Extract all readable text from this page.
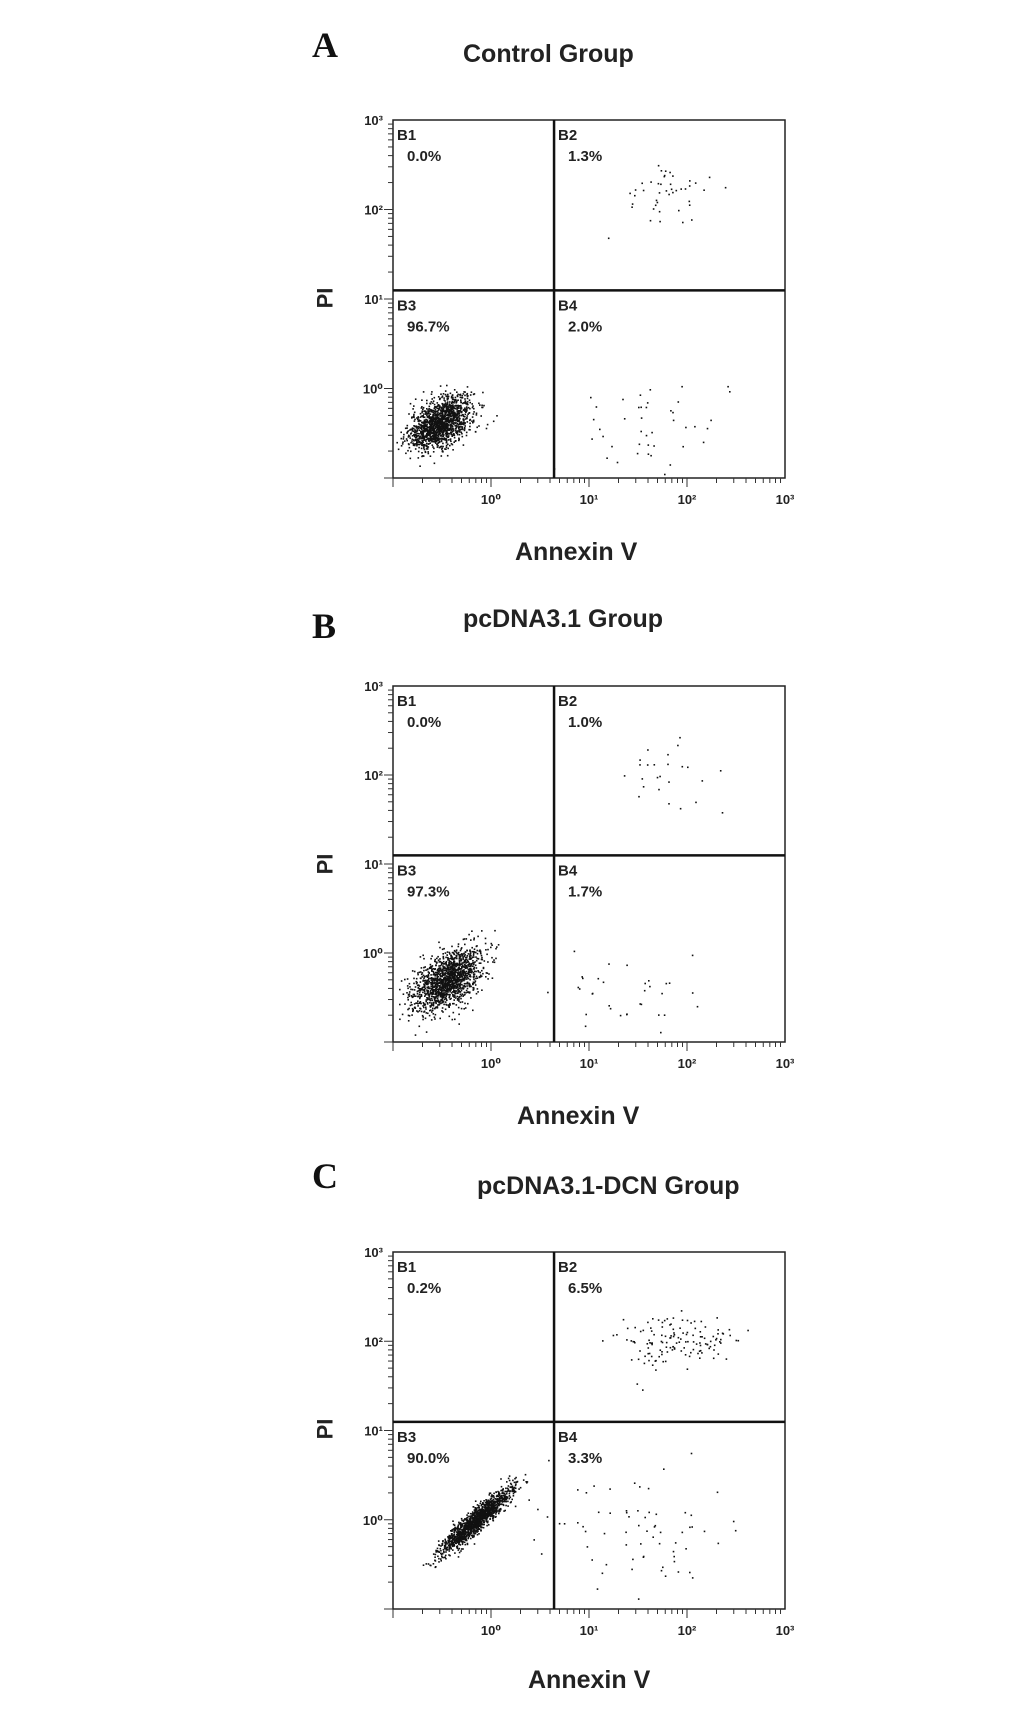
A	Control Group
PI
10⁰	10¹	10²	10³
10⁰
10¹
10²
10³
B1
0.0%
B2
1.3%
B3
96.7%
B4
2.0%
Annexin V
B	pcDNA3.1 Group
PI
10⁰	10¹	10²	10³
10⁰
10¹
10²
10³
B1
0.0%
B2
1.0%
B3
97.3%
B4
1.7%
Annexin V
C	pcDNA3.1-DCN Group
PI
10⁰	10¹	10²	10³
10⁰
10¹
10²
10³
B1
0.2%
B2
6.5%
B3
90.0%
B4
3.3%
Annexin V
